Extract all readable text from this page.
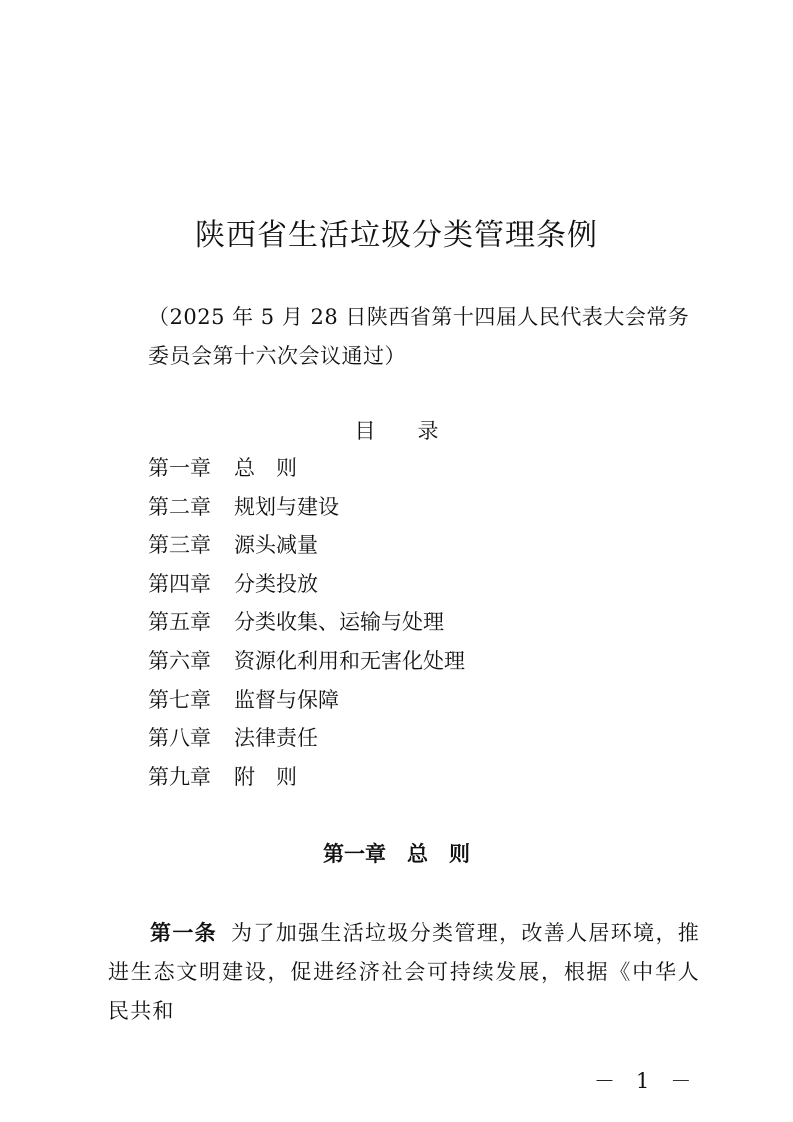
陕西省生活垃圾分类管理条例

（2025 年 5 月 28 日陕西省第十四届人民代表大会常务

委员会第十六次会议通过）

目 录
第一章 总　则
第二章 规划与建设
第三章 源头减量
第四章 分类投放
第五章 分类收集、运输与处理
第六章 资源化利用和无害化处理
第七章 监督与保障
第八章 法律责任
第九章 附　则
第一章　总　则

第一条 为了加强生活垃圾分类管理，改善人居环境，推进生态文明建设，促进经济社会可持续发展，根据《中华人民共和

－　1　－
